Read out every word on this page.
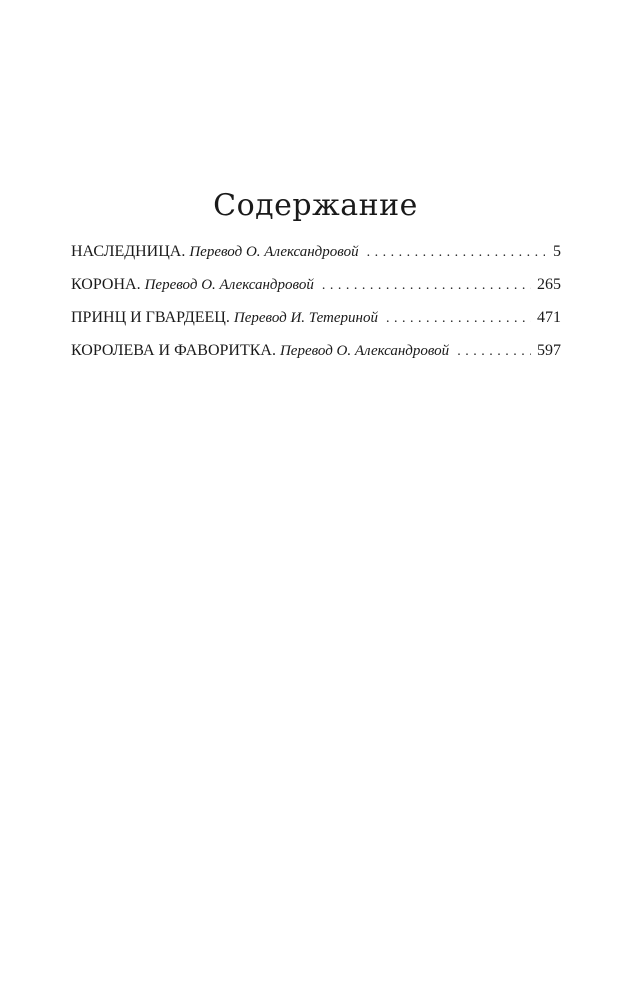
Содержание
НАСЛЕДНИЦА. Перевод О. Александровой . . .	5
КОРОНА. Перевод О. Александровой . . .	265
ПРИНЦ И ГВАРДЕЕЦ. Перевод И. Тетериной . . .	471
КОРОЛЕВА И ФАВОРИТКА. Перевод О. Александровой . . .	597
